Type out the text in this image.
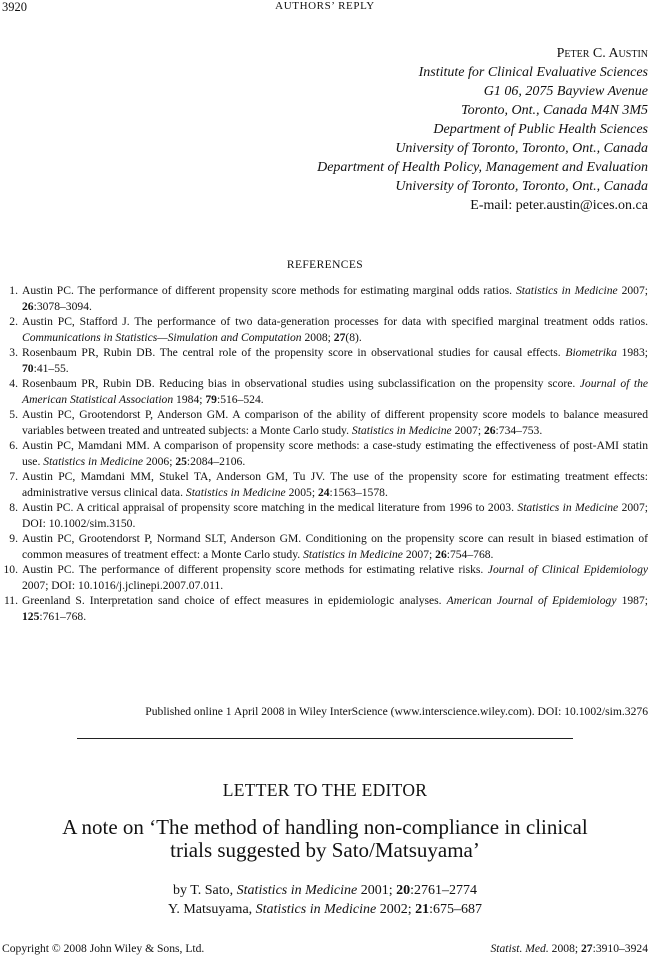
3920	AUTHORS’ REPLY
Peter C. Austin
Institute for Clinical Evaluative Sciences
G1 06, 2075 Bayview Avenue
Toronto, Ont., Canada M4N 3M5
Department of Public Health Sciences
University of Toronto, Toronto, Ont., Canada
Department of Health Policy, Management and Evaluation
University of Toronto, Toronto, Ont., Canada
E-mail: peter.austin@ices.on.ca
REFERENCES
1. Austin PC. The performance of different propensity score methods for estimating marginal odds ratios. Statistics in Medicine 2007; 26:3078–3094.
2. Austin PC, Stafford J. The performance of two data-generation processes for data with specified marginal treatment odds ratios. Communications in Statistics—Simulation and Computation 2008; 27(8).
3. Rosenbaum PR, Rubin DB. The central role of the propensity score in observational studies for causal effects. Biometrika 1983; 70:41–55.
4. Rosenbaum PR, Rubin DB. Reducing bias in observational studies using subclassification on the propensity score. Journal of the American Statistical Association 1984; 79:516–524.
5. Austin PC, Grootendorst P, Anderson GM. A comparison of the ability of different propensity score models to balance measured variables between treated and untreated subjects: a Monte Carlo study. Statistics in Medicine 2007; 26:734–753.
6. Austin PC, Mamdani MM. A comparison of propensity score methods: a case-study estimating the effectiveness of post-AMI statin use. Statistics in Medicine 2006; 25:2084–2106.
7. Austin PC, Mamdani MM, Stukel TA, Anderson GM, Tu JV. The use of the propensity score for estimating treatment effects: administrative versus clinical data. Statistics in Medicine 2005; 24:1563–1578.
8. Austin PC. A critical appraisal of propensity score matching in the medical literature from 1996 to 2003. Statistics in Medicine 2007; DOI: 10.1002/sim.3150.
9. Austin PC, Grootendorst P, Normand SLT, Anderson GM. Conditioning on the propensity score can result in biased estimation of common measures of treatment effect: a Monte Carlo study. Statistics in Medicine 2007; 26:754–768.
10. Austin PC. The performance of different propensity score methods for estimating relative risks. Journal of Clinical Epidemiology 2007; DOI: 10.1016/j.jclinepi.2007.07.011.
11. Greenland S. Interpretation sand choice of effect measures in epidemiologic analyses. American Journal of Epidemiology 1987; 125:761–768.
Published online 1 April 2008 in Wiley InterScience (www.interscience.wiley.com). DOI: 10.1002/sim.3276
LETTER TO THE EDITOR
A note on ‘The method of handling non-compliance in clinical
trials suggested by Sato/Matsuyama’
by T. Sato, Statistics in Medicine 2001; 20:2761–2774
Y. Matsuyama, Statistics in Medicine 2002; 21:675–687
Copyright © 2008 John Wiley & Sons, Ltd.	Statist. Med. 2008; 27:3910–3924
